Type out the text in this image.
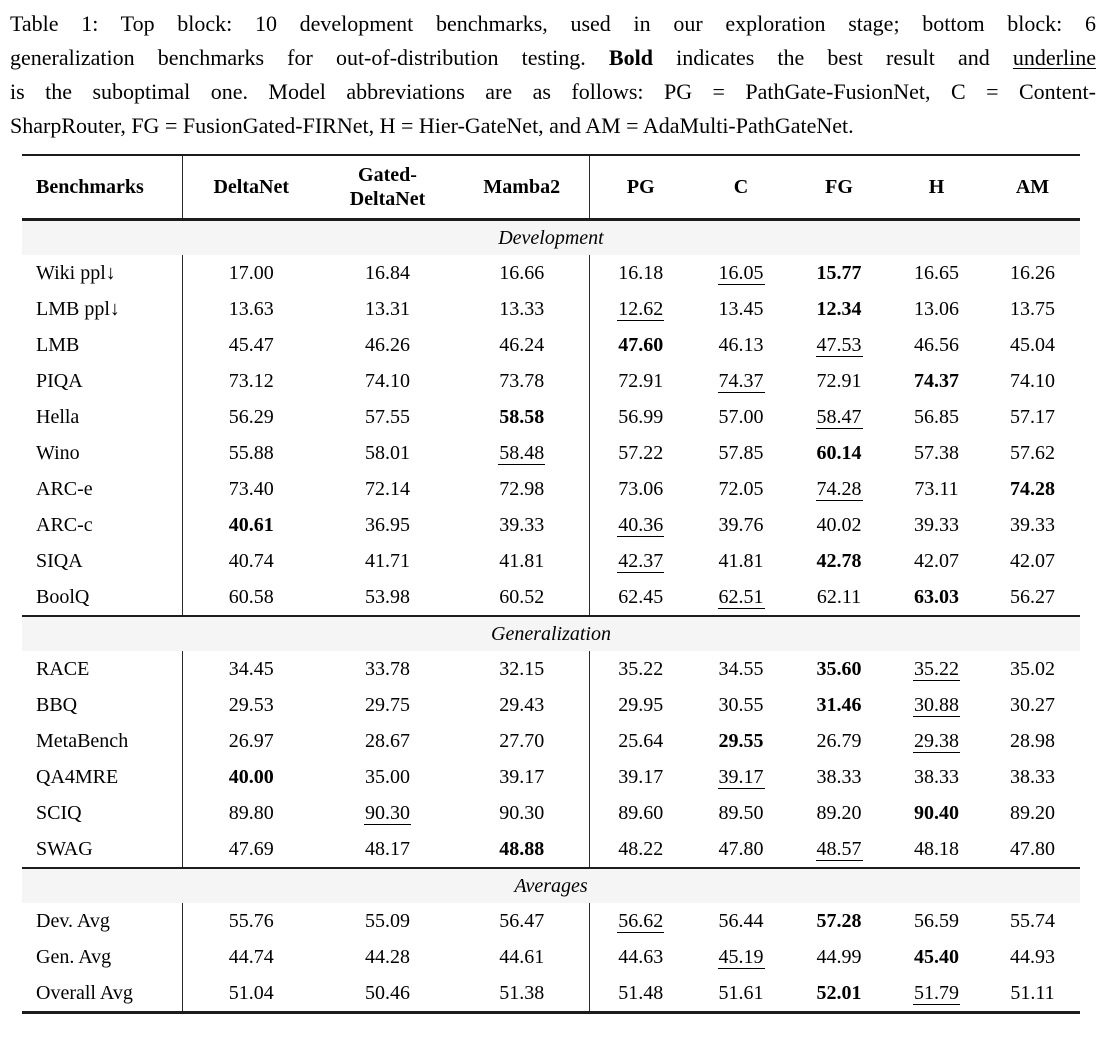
Table 1: Top block: 10 development benchmarks, used in our exploration stage; bottom block: 6
generalization benchmarks for out-of-distribution testing. Bold indicates the best result and underline
is the suboptimal one. Model abbreviations are as follows: PG = PathGate-FusionNet, C = Content-
SharpRouter, FG = FusionGated-FIRNet, H = Hier-GateNet, and AM = AdaMulti-PathGateNet.
Benchmarks	DeltaNet	Gated-
DeltaNet	Mamba2	PG	C	FG	H	AM

Development								
Wiki ppl↓	17.00	16.84	16.66	16.18	16.05	15.77	16.65	16.26
LMB ppl↓	13.63	13.31	13.33	12.62	13.45	12.34	13.06	13.75
LMB	45.47	46.26	46.24	47.60	46.13	47.53	46.56	45.04
PIQA	73.12	74.10	73.78	72.91	74.37	72.91	74.37	74.10
Hella	56.29	57.55	58.58	56.99	57.00	58.47	56.85	57.17
Wino	55.88	58.01	58.48	57.22	57.85	60.14	57.38	57.62
ARC-e	73.40	72.14	72.98	73.06	72.05	74.28	73.11	74.28
ARC-c	40.61	36.95	39.33	40.36	39.76	40.02	39.33	39.33
SIQA	40.74	41.71	41.81	42.37	41.81	42.78	42.07	42.07
BoolQ	60.58	53.98	60.52	62.45	62.51	62.11	63.03	56.27
Generalization								
RACE	34.45	33.78	32.15	35.22	34.55	35.60	35.22	35.02
BBQ	29.53	29.75	29.43	29.95	30.55	31.46	30.88	30.27
MetaBench	26.97	28.67	27.70	25.64	29.55	26.79	29.38	28.98
QA4MRE	40.00	35.00	39.17	39.17	39.17	38.33	38.33	38.33
SCIQ	89.80	90.30	90.30	89.60	89.50	89.20	90.40	89.20
SWAG	47.69	48.17	48.88	48.22	47.80	48.57	48.18	47.80
Averages								
Dev. Avg	55.76	55.09	56.47	56.62	56.44	57.28	56.59	55.74
Gen. Avg	44.74	44.28	44.61	44.63	45.19	44.99	45.40	44.93
Overall Avg	51.04	50.46	51.38	51.48	51.61	52.01	51.79	51.11
